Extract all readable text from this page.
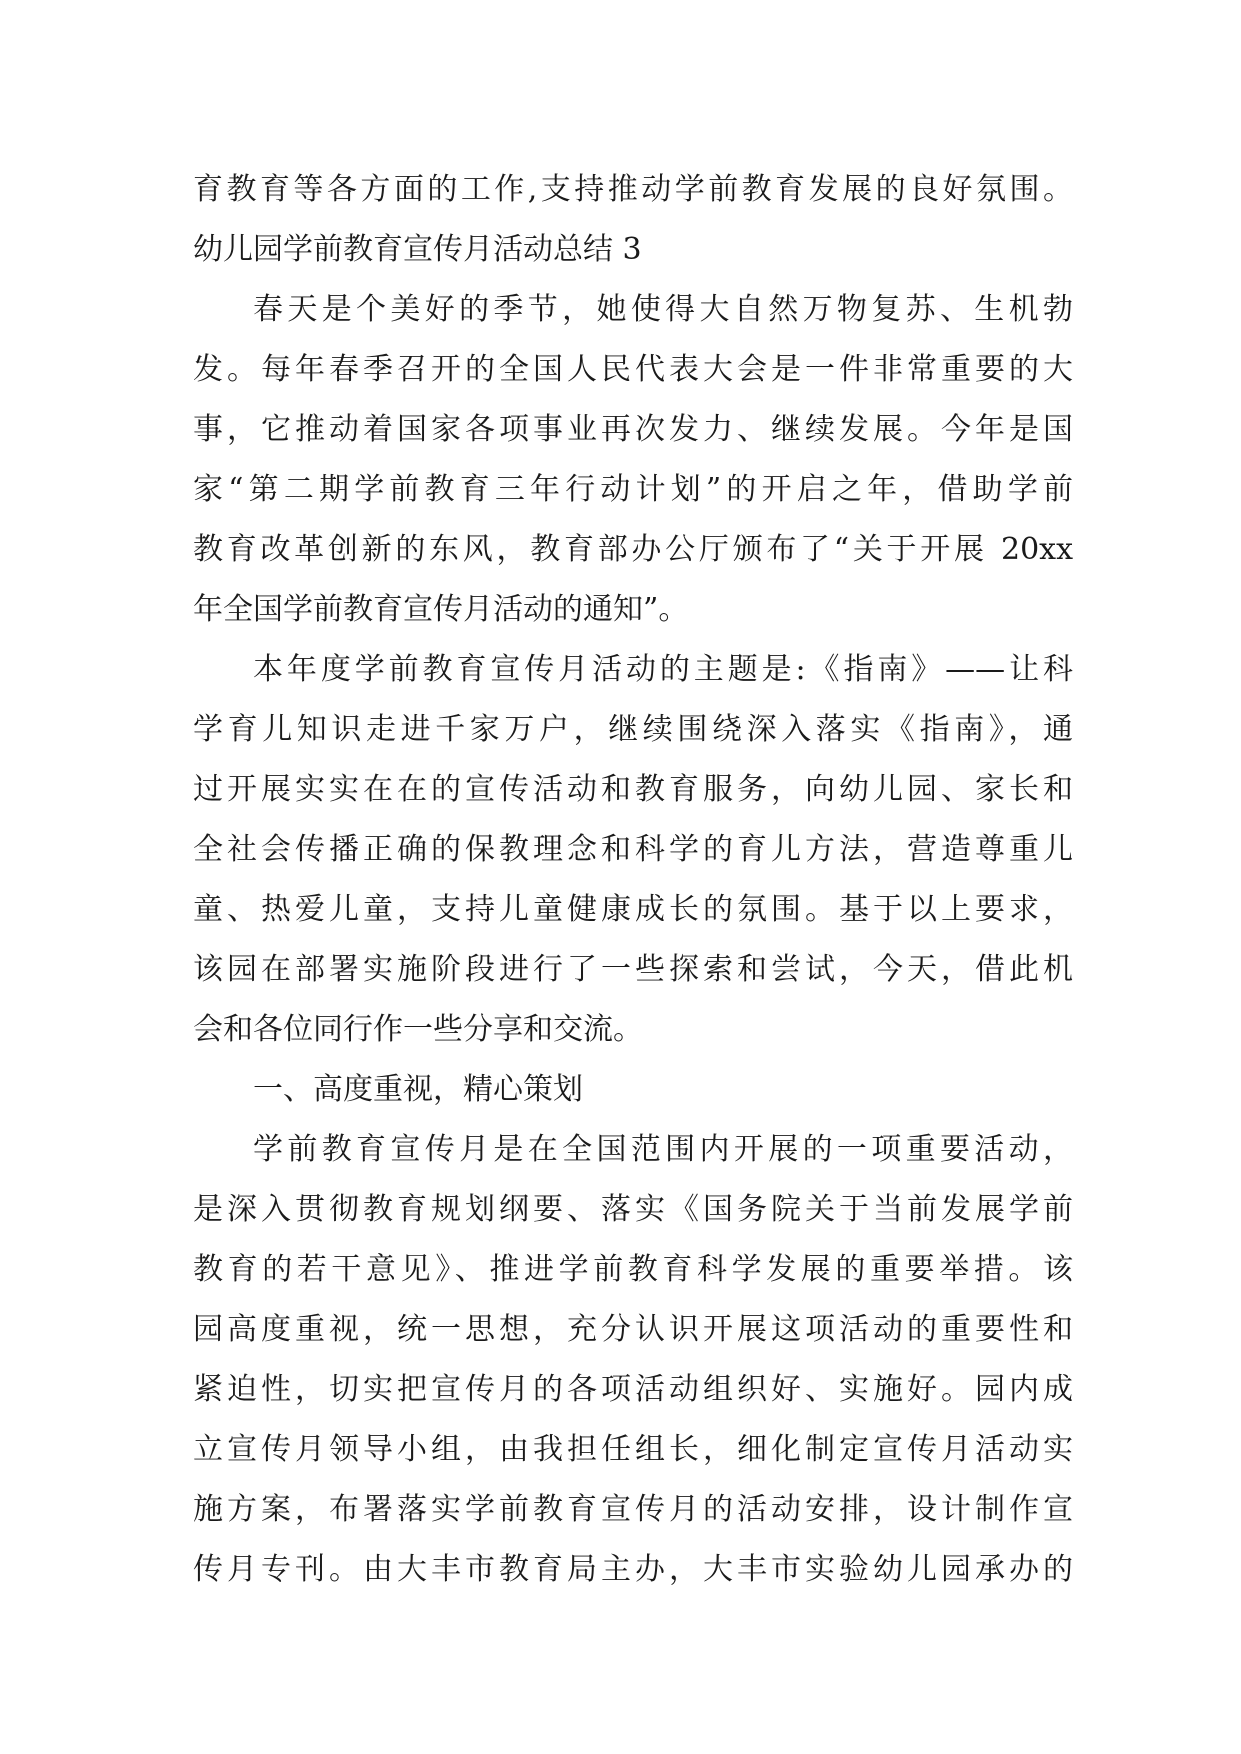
育教育等各方面的工作,支持推动学前教育发展的良好氛围。
幼儿园学前教育宣传月活动总结 3
春天是个美好的季节，她使得大自然万物复苏、生机勃
发。每年春季召开的全国人民代表大会是一件非常重要的大
事，它推动着国家各项事业再次发力、继续发展。今年是国
家“第二期学前教育三年行动计划”的开启之年，借助学前
教育改革创新的东风，教育部办公厅颁布了“关于开展 20xx
年全国学前教育宣传月活动的通知”。
本年度学前教育宣传月活动的主题是:《指南》——让科
学育儿知识走进千家万户，继续围绕深入落实《指南》，通
过开展实实在在的宣传活动和教育服务，向幼儿园、家长和
全社会传播正确的保教理念和科学的育儿方法，营造尊重儿
童、热爱儿童，支持儿童健康成长的氛围。基于以上要求，
该园在部署实施阶段进行了一些探索和尝试，今天，借此机
会和各位同行作一些分享和交流。
一、高度重视，精心策划
学前教育宣传月是在全国范围内开展的一项重要活动，
是深入贯彻教育规划纲要、落实《国务院关于当前发展学前
教育的若干意见》、推进学前教育科学发展的重要举措。该
园高度重视，统一思想，充分认识开展这项活动的重要性和
紧迫性，切实把宣传月的各项活动组织好、实施好。园内成
立宣传月领导小组，由我担任组长，细化制定宣传月活动实
施方案，布署落实学前教育宣传月的活动安排，设计制作宣
传月专刊。由大丰市教育局主办，大丰市实验幼儿园承办的
